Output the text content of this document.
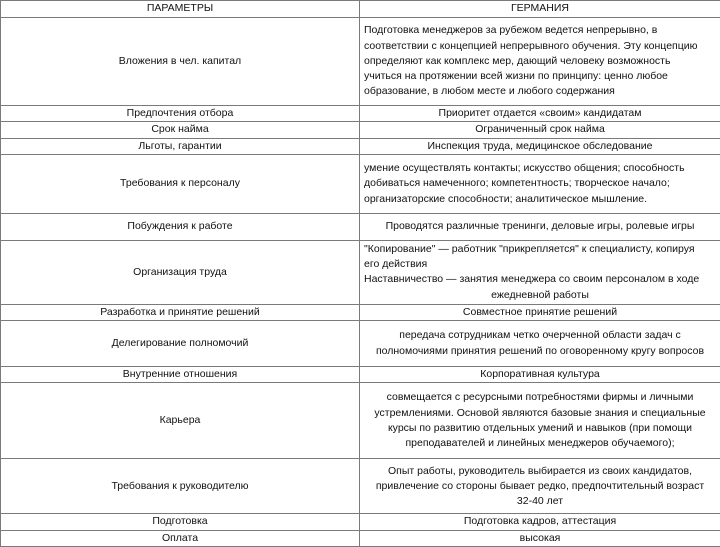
ПАРАМЕТРЫ	ГЕРМАНИЯ
Вложения в чел. капитал	Подготовка менеджеров за рубежом ведется непрерывно, в
соответствии с концепцией непрерывного обучения. Эту концепцию
определяют как комплекс мер, дающий человеку возможность
учиться на протяжении всей жизни по принципу: ценно любое
образование, в любом месте и любого содержания

Предпочтения отбора	Приоритет отдается «своим» кандидатам
Срок найма	Ограниченный срок найма
Льготы, гарантии	Инспекция труда, медицинское обследование
Требования к персоналу	умение осуществлять контакты; искусство общения; способность
добиваться намеченного; компетентность; творческое начало;
организаторские способности; аналитическое мышление.

Побуждения к работе	Проводятся различные тренинги, деловые игры, ролевые игры
Организация труда	"Копирование" — работник "прикрепляется" к специалисту, копируя
его действия
Наставничество — занятия менеджера со своим персоналом в ходе
ежедневной работы

Разработка и принятие решений	Совместное принятие решений
Делегирование полномочий	передача сотрудникам четко очерченной области задач с
полномочиями принятия решений по оговоренному кругу вопросов

Внутренние отношения	Корпоративная культура
Карьера	совмещается с ресурсными потребностями фирмы и личными
устремлениями. Основой являются базовые знания и специальные
курсы по развитию отдельных умений и навыков (при помощи
преподавателей и линейных менеджеров обучаемого);

Требования к руководителю	Опыт работы, руководитель выбирается из своих кандидатов,
привлечение со стороны бывает редко, предпочтительный возраст
32-40 лет

Подготовка	Подготовка кадров, аттестация
Оплата	высокая
